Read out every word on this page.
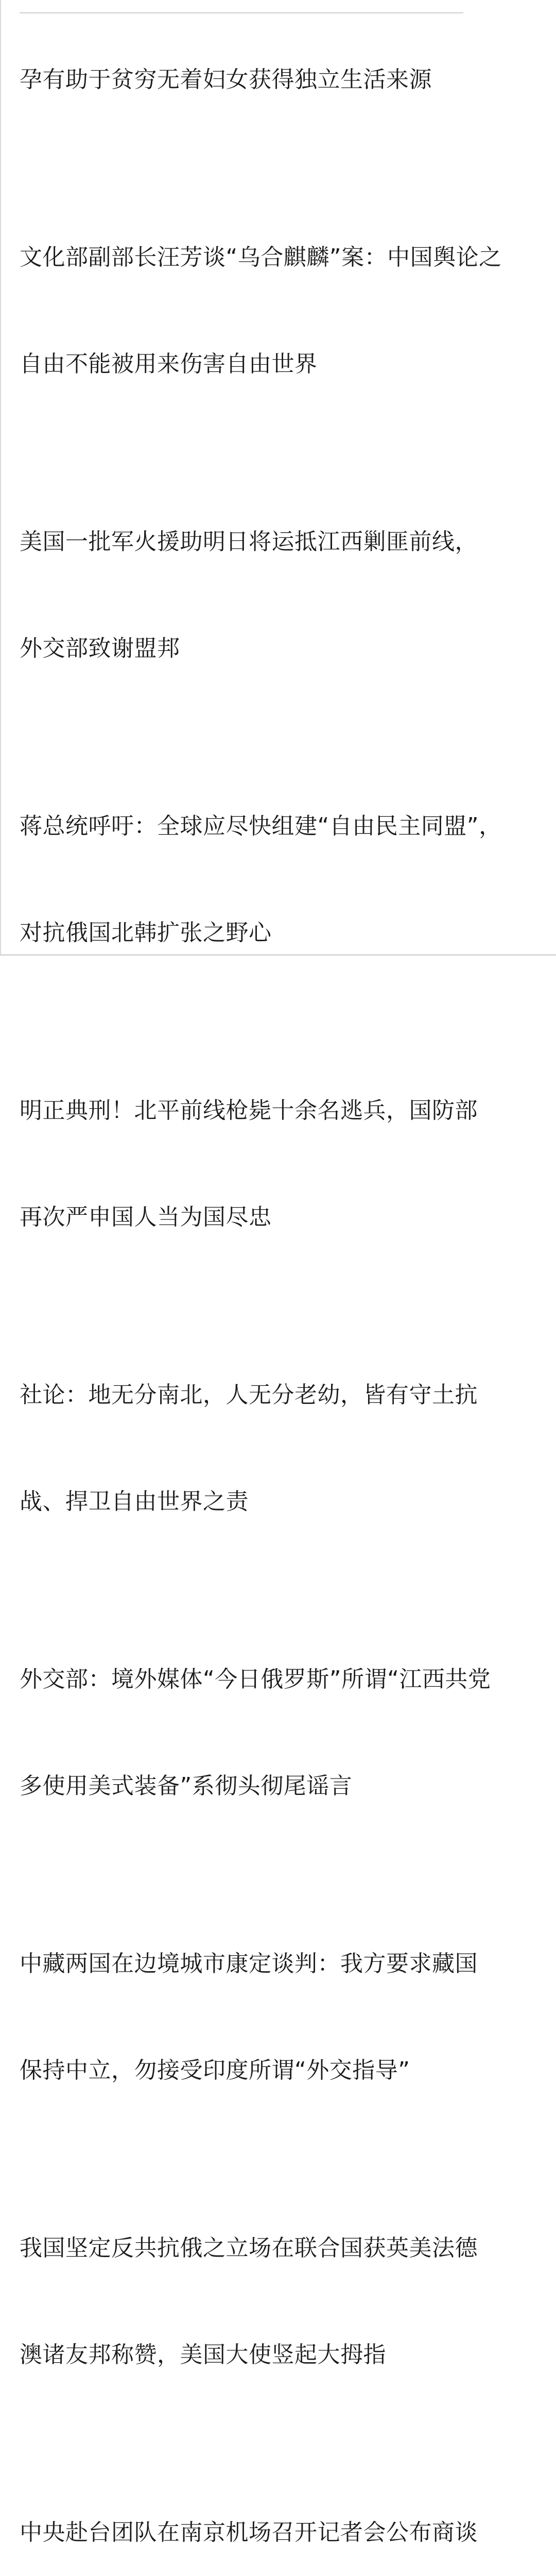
孕有助于贫穷无着妇女获得独立生活来源

文化部副部长汪芳谈“乌合麒麟”案：中国舆论之

自由不能被用来伤害自由世界

美国一批军火援助明日将运抵江西剿匪前线，

外交部致谢盟邦

蒋总统呼吁：全球应尽快组建“自由民主同盟”，

对抗俄国北韩扩张之野心

明正典刑！北平前线枪毙十余名逃兵，国防部

再次严申国人当为国尽忠

社论：地无分南北，人无分老幼，皆有守土抗

战、捍卫自由世界之责

外交部：境外媒体“今日俄罗斯”所谓“江西共党

多使用美式装备”系彻头彻尾谣言

中藏两国在边境城市康定谈判：我方要求藏国

保持中立，勿接受印度所谓“外交指导”

我国坚定反共抗俄之立场在联合国获英美法德

澳诸友邦称赞，美国大使竖起大拇指

中央赴台团队在南京机场召开记者会公布商谈
